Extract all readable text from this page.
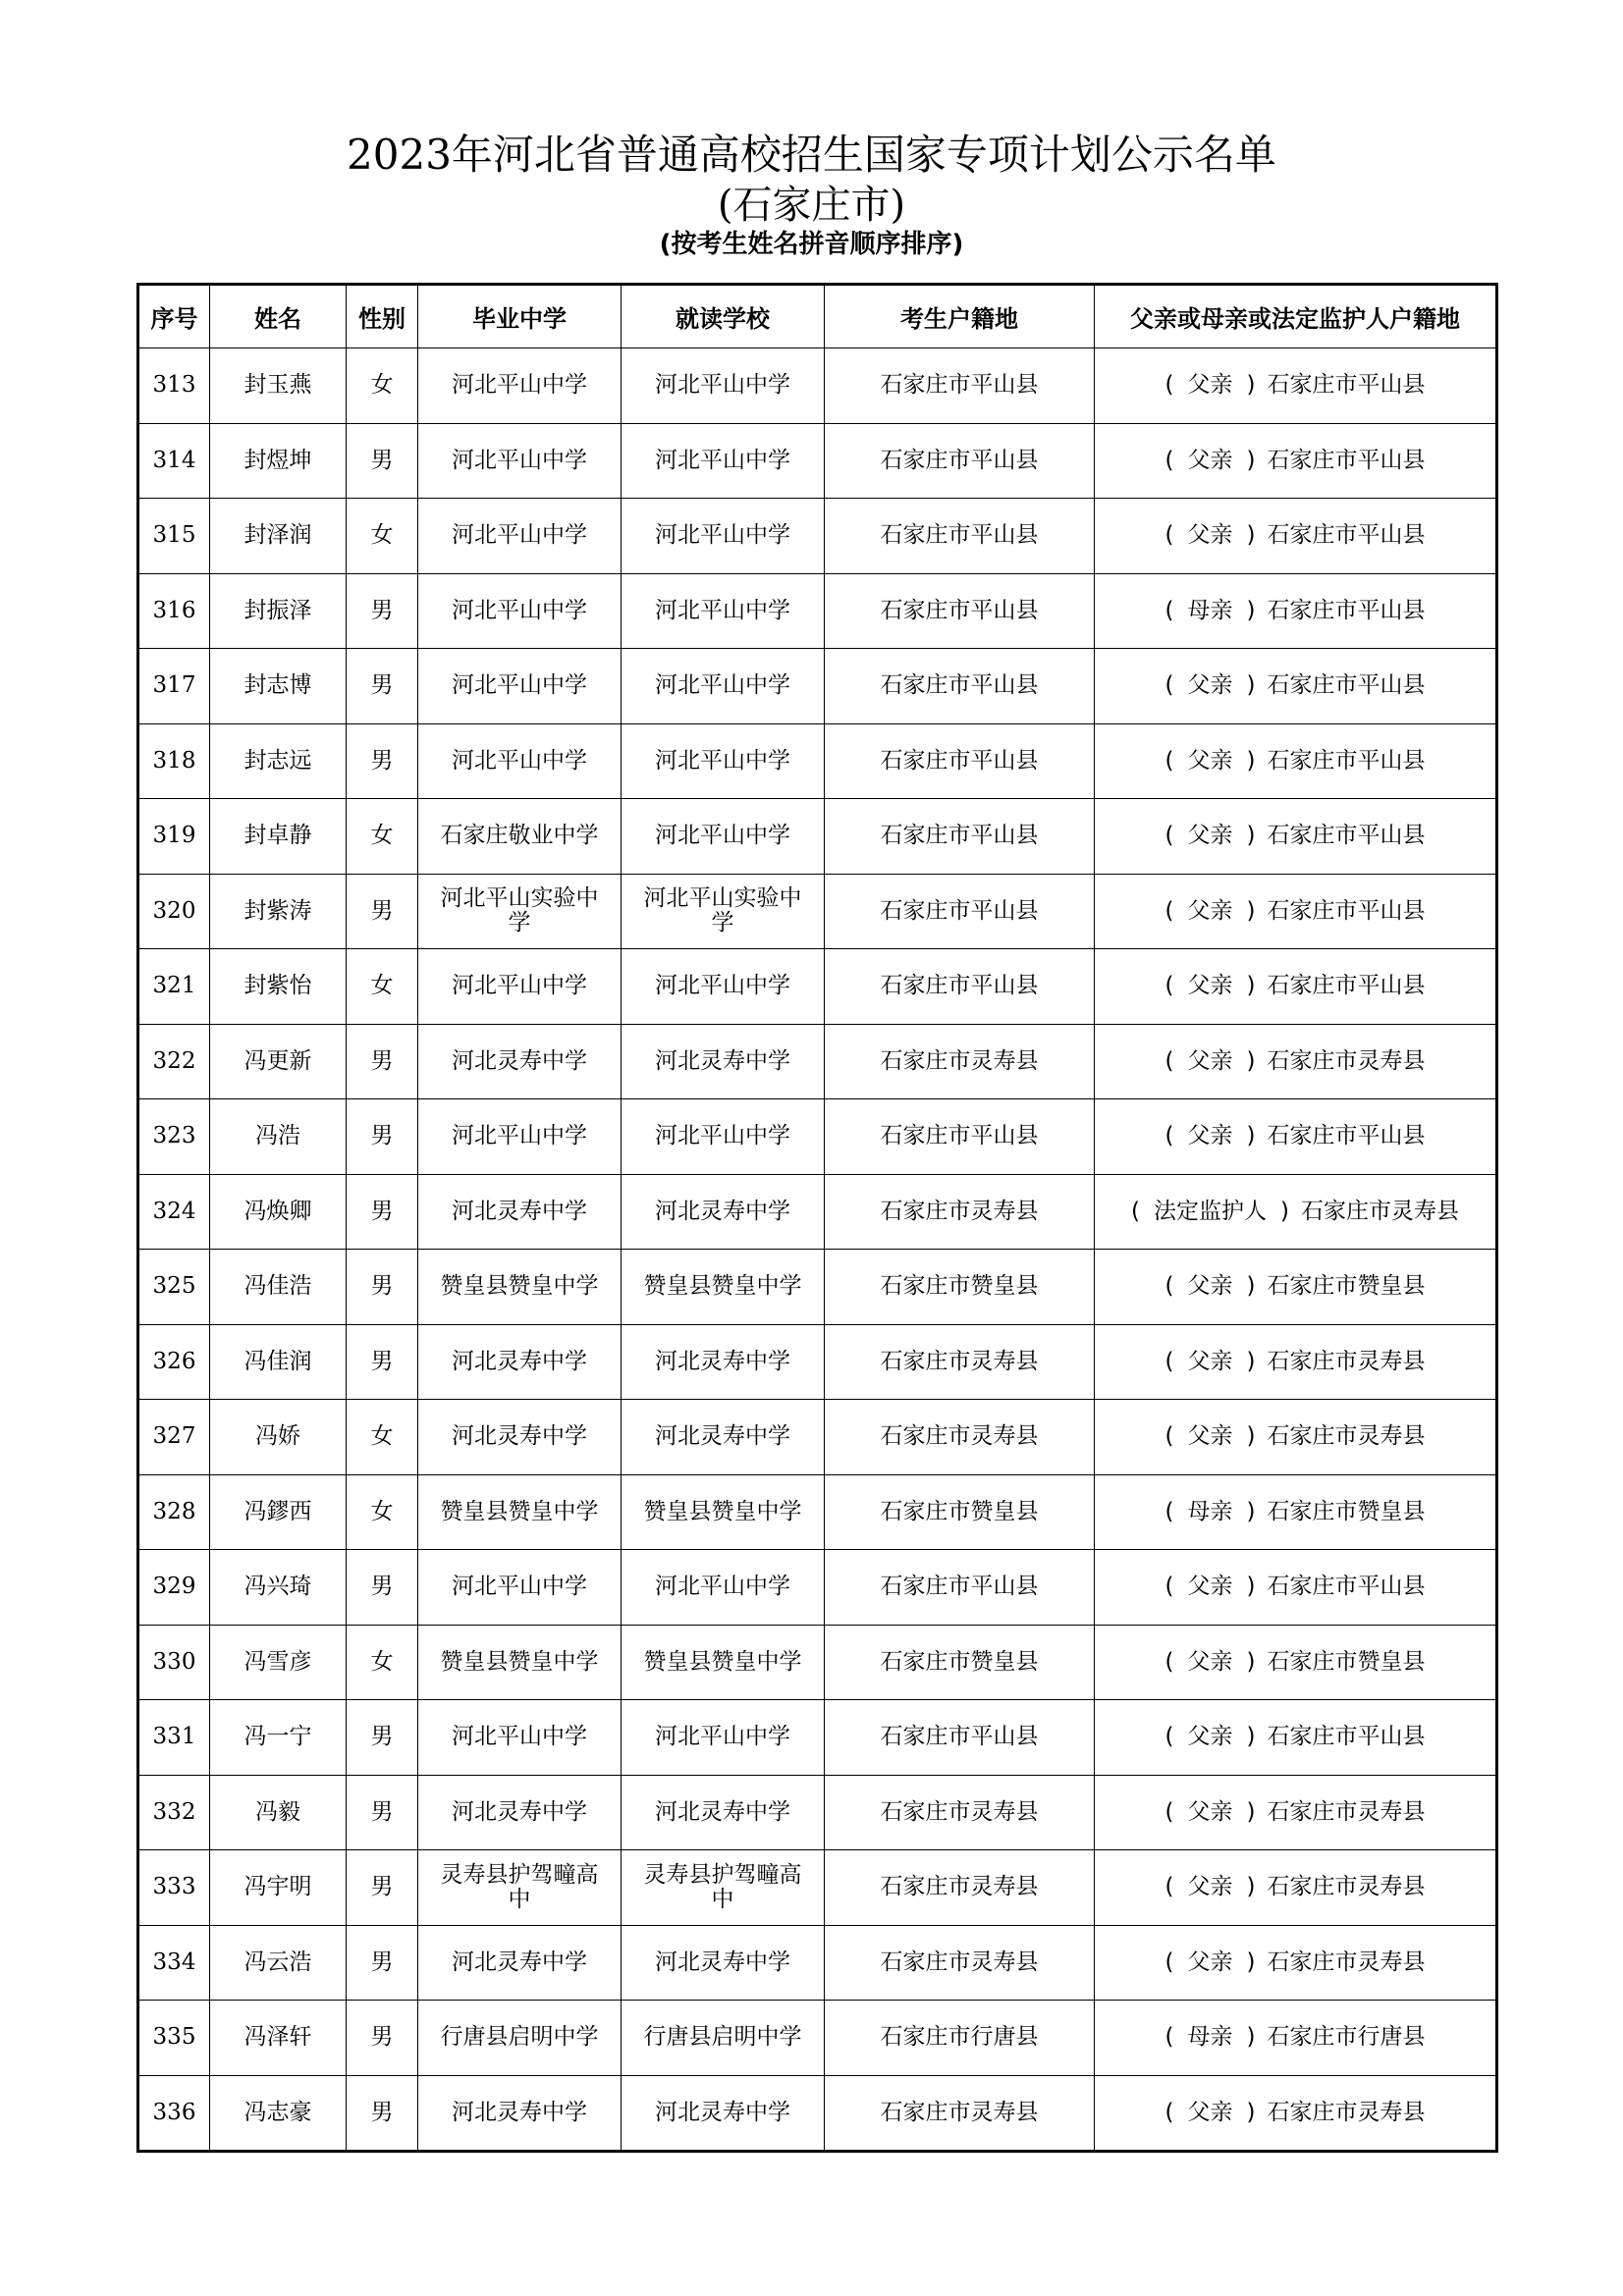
2023年河北省普通高校招生国家专项计划公示名单
(石家庄市)
(按考生姓名拼音顺序排序)
序号	姓名	性别	毕业中学	就读学校	考生户籍地	父亲或母亲或法定监护人户籍地
313	封玉燕	女	河北平山中学	河北平山中学	石家庄市平山县	( 父亲 ) 石家庄市平山县
314	封煜坤	男	河北平山中学	河北平山中学	石家庄市平山县	( 父亲 ) 石家庄市平山县
315	封泽润	女	河北平山中学	河北平山中学	石家庄市平山县	( 父亲 ) 石家庄市平山县
316	封振泽	男	河北平山中学	河北平山中学	石家庄市平山县	( 母亲 ) 石家庄市平山县
317	封志博	男	河北平山中学	河北平山中学	石家庄市平山县	( 父亲 ) 石家庄市平山县
318	封志远	男	河北平山中学	河北平山中学	石家庄市平山县	( 父亲 ) 石家庄市平山县
319	封卓静	女	石家庄敬业中学	河北平山中学	石家庄市平山县	( 父亲 ) 石家庄市平山县
320	封紫涛	男	河北平山实验中学	河北平山实验中学	石家庄市平山县	( 父亲 ) 石家庄市平山县
321	封紫怡	女	河北平山中学	河北平山中学	石家庄市平山县	( 父亲 ) 石家庄市平山县
322	冯更新	男	河北灵寿中学	河北灵寿中学	石家庄市灵寿县	( 父亲 ) 石家庄市灵寿县
323	冯浩	男	河北平山中学	河北平山中学	石家庄市平山县	( 父亲 ) 石家庄市平山县
324	冯焕卿	男	河北灵寿中学	河北灵寿中学	石家庄市灵寿县	( 法定监护人 ) 石家庄市灵寿县
325	冯佳浩	男	赞皇县赞皇中学	赞皇县赞皇中学	石家庄市赞皇县	( 父亲 ) 石家庄市赞皇县
326	冯佳润	男	河北灵寿中学	河北灵寿中学	石家庄市灵寿县	( 父亲 ) 石家庄市灵寿县
327	冯娇	女	河北灵寿中学	河北灵寿中学	石家庄市灵寿县	( 父亲 ) 石家庄市灵寿县
328	冯鏐西	女	赞皇县赞皇中学	赞皇县赞皇中学	石家庄市赞皇县	( 母亲 ) 石家庄市赞皇县
329	冯兴琦	男	河北平山中学	河北平山中学	石家庄市平山县	( 父亲 ) 石家庄市平山县
330	冯雪彦	女	赞皇县赞皇中学	赞皇县赞皇中学	石家庄市赞皇县	( 父亲 ) 石家庄市赞皇县
331	冯一宁	男	河北平山中学	河北平山中学	石家庄市平山县	( 父亲 ) 石家庄市平山县
332	冯毅	男	河北灵寿中学	河北灵寿中学	石家庄市灵寿县	( 父亲 ) 石家庄市灵寿县
333	冯宇明	男	灵寿县护驾疃高中	灵寿县护驾疃高中	石家庄市灵寿县	( 父亲 ) 石家庄市灵寿县
334	冯云浩	男	河北灵寿中学	河北灵寿中学	石家庄市灵寿县	( 父亲 ) 石家庄市灵寿县
335	冯泽轩	男	行唐县启明中学	行唐县启明中学	石家庄市行唐县	( 母亲 ) 石家庄市行唐县
336	冯志豪	男	河北灵寿中学	河北灵寿中学	石家庄市灵寿县	( 父亲 ) 石家庄市灵寿县
